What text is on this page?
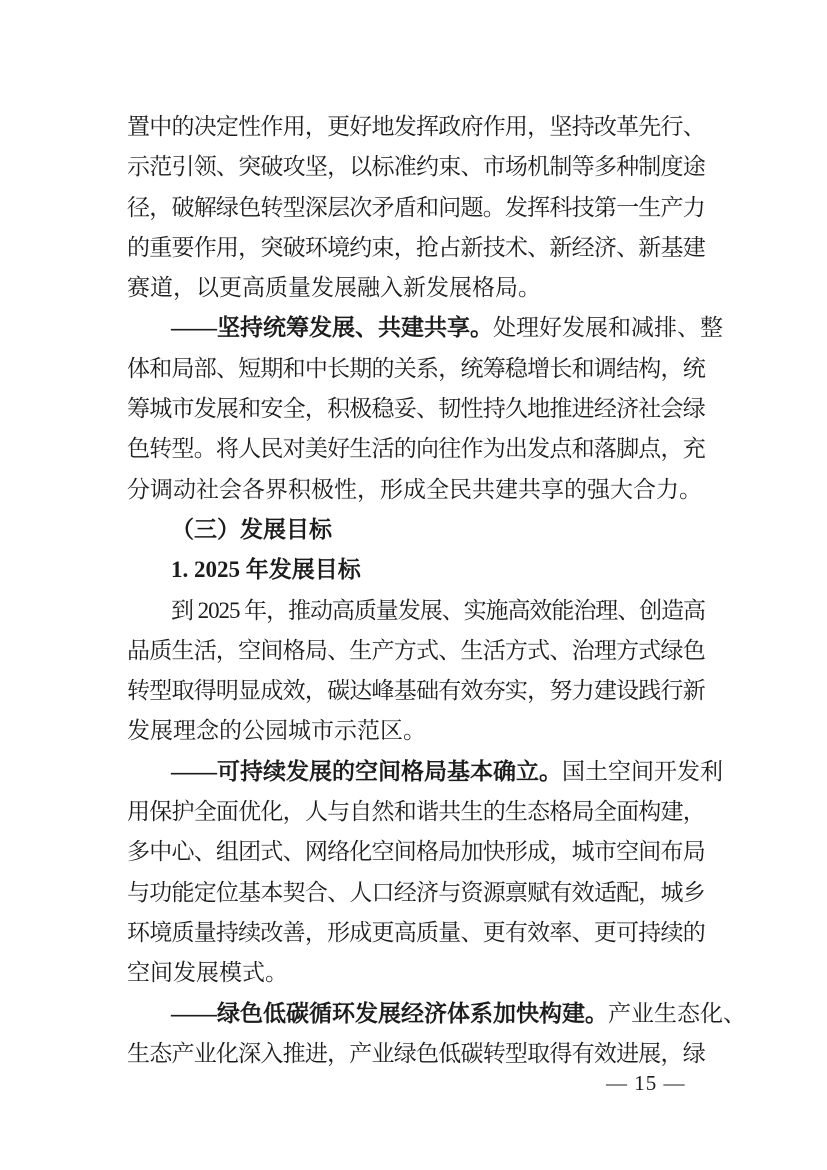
置中的决定性作用，更好地发挥政府作用，坚持改革先行、
示范引领、突破攻坚，以标准约束、市场机制等多种制度途
径，破解绿色转型深层次矛盾和问题。发挥科技第一生产力
的重要作用，突破环境约束，抢占新技术、新经济、新基建
赛道，以更高质量发展融入新发展格局。
——坚持统筹发展、共建共享。处理好发展和减排、整
体和局部、短期和中长期的关系，统筹稳增长和调结构，统
筹城市发展和安全，积极稳妥、韧性持久地推进经济社会绿
色转型。将人民对美好生活的向往作为出发点和落脚点，充
分调动社会各界积极性，形成全民共建共享的强大合力。
（三）发展目标
1. 2025 年发展目标
到 2025 年，推动高质量发展、实施高效能治理、创造高
品质生活，空间格局、生产方式、生活方式、治理方式绿色
转型取得明显成效，碳达峰基础有效夯实，努力建设践行新
发展理念的公园城市示范区。
——可持续发展的空间格局基本确立。国土空间开发利
用保护全面优化，人与自然和谐共生的生态格局全面构建，
多中心、组团式、网络化空间格局加快形成，城市空间布局
与功能定位基本契合、人口经济与资源禀赋有效适配，城乡
环境质量持续改善，形成更高质量、更有效率、更可持续的
空间发展模式。
——绿色低碳循环发展经济体系加快构建。产业生态化、
生态产业化深入推进，产业绿色低碳转型取得有效进展，绿
— 15 —
